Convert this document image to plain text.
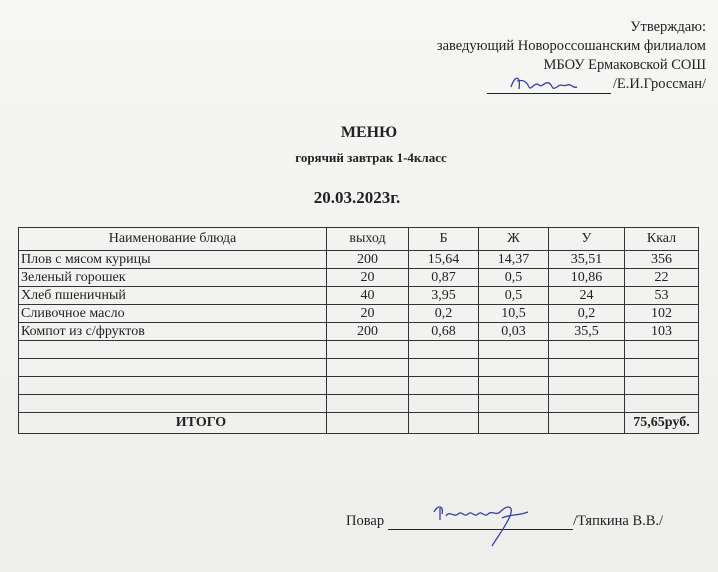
Утверждаю:
заведующий Новороссошанским филиалом
МБОУ Ермаковской СОШ
/Е.И.Гроссман/
МЕНЮ
горячий завтрак 1-4класс
20.03.2023г.
Наименование блюда	выход	Б	Ж	У	Ккал
Плов с мясом курицы	200	15,64	14,37	35,51	356
Зеленый горошек	20	0,87	0,5	10,86	22
Хлеб пшеничный	40	3,95	0,5	24	53
Сливочное масло	20	0,2	10,5	0,2	102
Компот из с/фруктов	200	0,68	0,03	35,5	103

ИТОГО					75,65руб.
Повар	/Тяпкина В.В./
